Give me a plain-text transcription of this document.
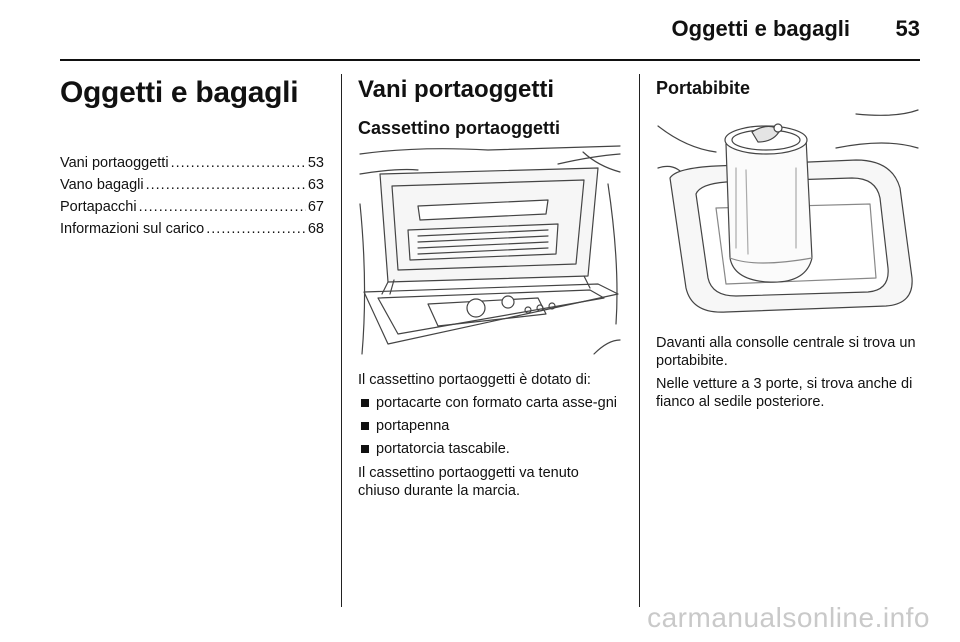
Oggetti e bagagli 53
Oggetti e bagagli
Vani portaoggetti .....	53
Vano bagagli .....	63
Portapacchi .....	67
Informazioni sul carico .....	68
Vani portaoggetti
Cassettino portaoggetti

Il cassettino portaoggetti è dotato di:

portacarte con formato carta asse-gni
portapenna
portatorcia tascabile.

Il cassettino portaoggetti va tenuto chiuso durante la marcia.

Portabibite

Davanti alla consolle centrale si trova un portabibite.

Nelle vetture a 3 porte, si trova anche di fianco al sedile posteriore.

carmanualsonline.info
